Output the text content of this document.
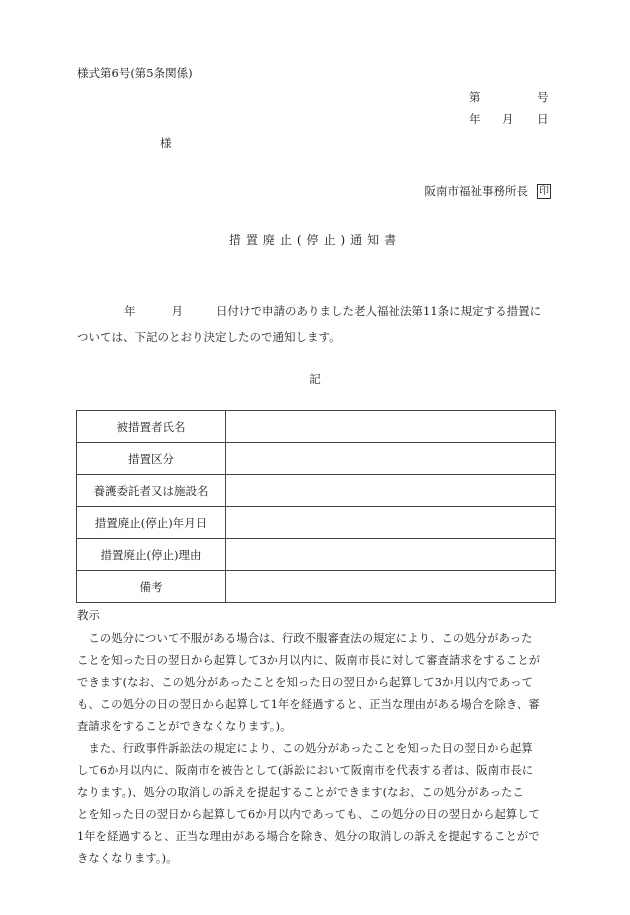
様式第6号(第5条関係)
第	号
年 月 日
様
阪南市福祉事務所長 印
措置廃止(停止)通知書
年	月	日付けで申請のありました老人福祉法第11条に規定する措置に
ついては、下記のとおり決定したので通知します。
記
被措置者氏名	
措置区分	
養護委託者又は施設名	
措置廃止(停止)年月日	
措置廃止(停止)理由	
備考	
教示
　この処分について不服がある場合は、行政不服審査法の規定により、この処分があった
ことを知った日の翌日から起算して3か月以内に、阪南市長に対して審査請求をすることが
できます(なお、この処分があったことを知った日の翌日から起算して3か月以内であって
も、この処分の日の翌日から起算して1年を経過すると、正当な理由がある場合を除き、審
査請求をすることができなくなります。)。
　また、行政事件訴訟法の規定により、この処分があったことを知った日の翌日から起算
して6か月以内に、阪南市を被告として(訴訟において阪南市を代表する者は、阪南市長に
なります。)、処分の取消しの訴えを提起することができます(なお、この処分があったこ
とを知った日の翌日から起算して6か月以内であっても、この処分の日の翌日から起算して
1年を経過すると、正当な理由がある場合を除き、処分の取消しの訴えを提起することがで
きなくなります。)。
